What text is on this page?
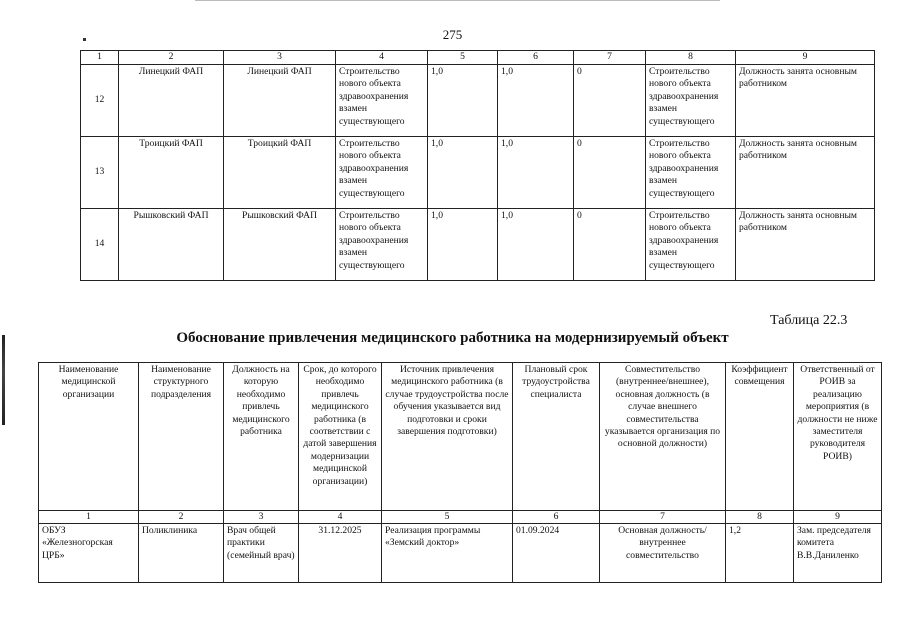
275
1	2	3	4	5	6	7	8	9
12	Линецкий ФАП	Линецкий ФАП	Строительство нового объекта здравоохранения взамен существующего	1,0	1,0	0	Строительство нового объекта здравоохранения взамен существующего	Должность занята основным работником
13	Троицкий ФАП	Троицкий ФАП	Строительство нового объекта здравоохранения взамен существующего	1,0	1,0	0	Строительство нового объекта здравоохранения взамен существующего	Должность занята основным работником
14	Рышковский ФАП	Рышковский ФАП	Строительство нового объекта здравоохранения взамен существующего	1,0	1,0	0	Строительство нового объекта здравоохранения взамен существующего	Должность занята основным работником
Таблица 22.3
Обоснование привлечения медицинского работника на модернизируемый объект
Наименование медицинской организации	Наименование структурного подразделения	Должность на которую необходимо привлечь медицинского работника	Срок, до которого необходимо привлечь медицинского работника (в соответствии с датой завершения модернизации медицинской организации)	Источник привлечения медицинского работника (в случае трудоустройства после обучения указывается вид подготовки и сроки завершения подготовки)	Плановый срок трудоустройства специалиста	Совместительство (внутреннее/внешнее), основная должность (в случае внешнего совместительства указывается организация по основной должности)	Коэффициент совмещения	Ответственный от РОИВ за реализацию мероприятия (в должности не ниже заместителя руководителя РОИВ)
1	2	3	4	5	6	7	8	9
ОБУЗ «Железногорская ЦРБ»	Поликлиника	Врач общей практики (семейный врач)	31.12.2025	Реализация программы «Земский доктор»	01.09.2024	Основная должность/внутреннее совместительство	1,2	Зам. председателя комитета В.В.Даниленко
